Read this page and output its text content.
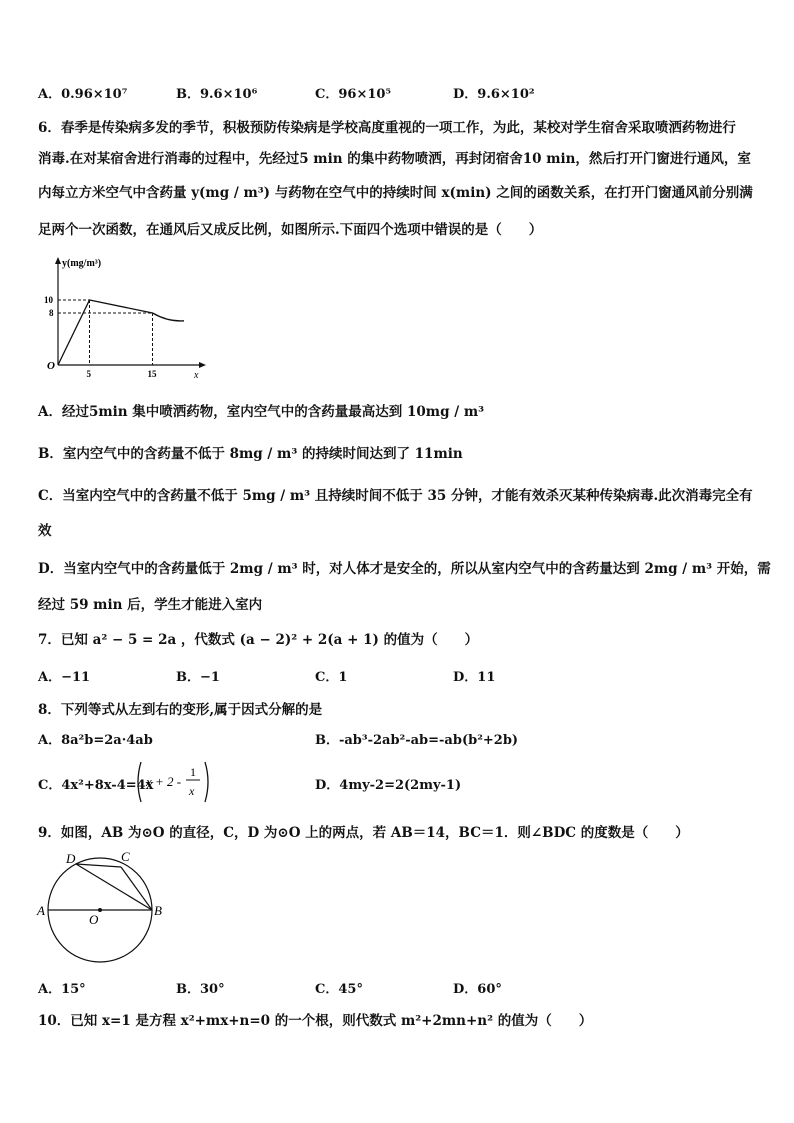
A．0.96×10⁷	B．9.6×10⁶	C．96×10⁵	D．9.6×10²
6．春季是传染病多发的季节，积极预防传染病是学校高度重视的一项工作，为此，某校对学生宿舍采取喷洒药物进行
消毒.在对某宿舍进行消毒的过程中，先经过5 min 的集中药物喷洒，再封闭宿舍10 min，然后打开门窗进行通风，室
内每立方米空气中含药量 y(mg / m³) 与药物在空气中的持续时间 x(min) 之间的函数关系，在打开门窗通风前分别满
足两个一次函数，在通风后又成反比例，如图所示.下面四个选项中错误的是（　　）
y(mg/m³)
x
O
5	15
10
8
A．经过5min 集中喷洒药物，室内空气中的含药量最高达到 10mg / m³
B．室内空气中的含药量不低于 8mg / m³ 的持续时间达到了 11min
C．当室内空气中的含药量不低于 5mg / m³ 且持续时间不低于 35 分钟，才能有效杀灭某种传染病毒.此次消毒完全有
效
D．当室内空气中的含药量低于 2mg / m³ 时，对人体才是安全的，所以从室内空气中的含药量达到 2mg / m³ 开始，需
经过 59 min 后，学生才能进入室内
7．已知 a² − 5 = 2a ，代数式 (a − 2)² + 2(a + 1) 的值为（　　）
A．−11	B．−1	C．1	D．11
8．下列等式从左到右的变形,属于因式分解的是
A．8a²b=2a·4ab	B．-ab³-2ab²-ab=-ab(b²+2b)
C．4x²+8x-4=4x
x + 2 -
1
x	D．4my-2=2(2my-1)
9．如图，AB 为⊙O 的直径，C，D 为⊙O 上的两点，若 AB＝14，BC＝1．则∠BDC 的度数是（　　）
A	B
C
D
O
A．15°	B．30°	C．45°	D．60°
10．已知 x=1 是方程 x²+mx+n=0 的一个根，则代数式 m²+2mn+n² 的值为（　　）
